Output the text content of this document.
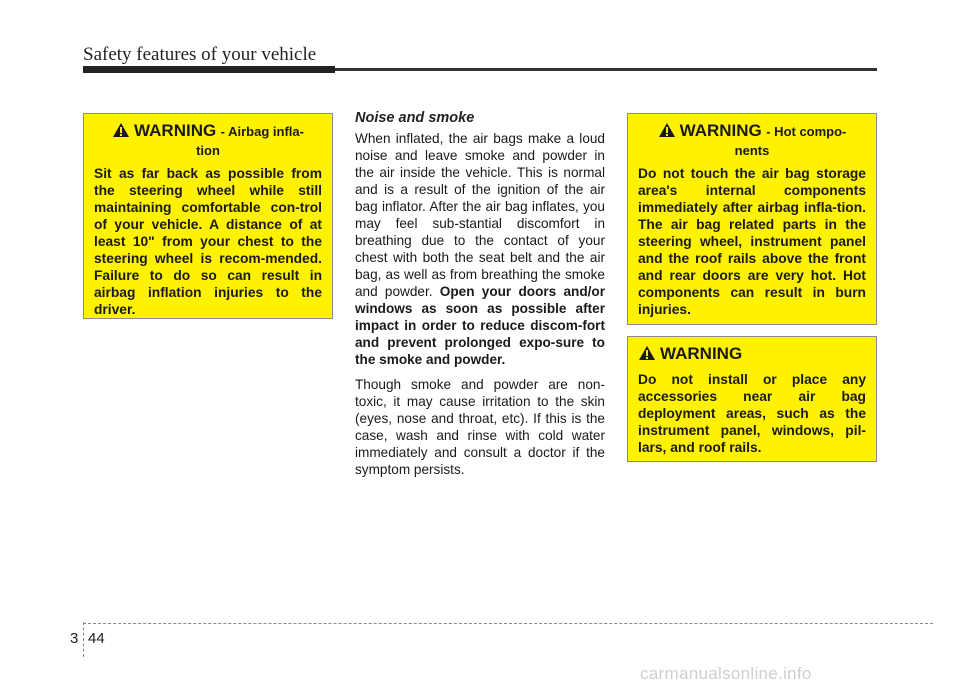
Safety features of your vehicle
WARNING - Airbag infla-
tion
Sit as far back as possible from the steering wheel while still maintaining comfortable con-trol of your vehicle. A distance of at least 10" from your chest to the steering wheel is recom-mended. Failure to do so can result in airbag inflation injuries to the driver.
Noise and smoke

When inflated, the air bags make a loud noise and leave smoke and powder in the air inside the vehicle. This is normal and is a result of the ignition of the air bag inflator. After the air bag inflates, you may feel sub-stantial discomfort in breathing due to the contact of your chest with both the seat belt and the air bag, as well as from breathing the smoke and powder. Open your doors and/or windows as soon as possible after impact in order to reduce discom-fort and prevent prolonged expo-sure to the smoke and powder.

Though smoke and powder are non-toxic, it may cause irritation to the skin (eyes, nose and throat, etc). If this is the case, wash and rinse with cold water immediately and consult a doctor if the symptom persists.

WARNING - Hot compo-
nents
Do not touch the air bag storage area's internal components immediately after airbag infla-tion. The air bag related parts in the steering wheel, instrument panel and the roof rails above the front and rear doors are very hot. Hot components can result in burn injuries.
WARNING
Do not install or place any accessories near air bag deployment areas, such as the instrument panel, windows, pil-lars, and roof rails.
3 44
carmanualsonline.info
